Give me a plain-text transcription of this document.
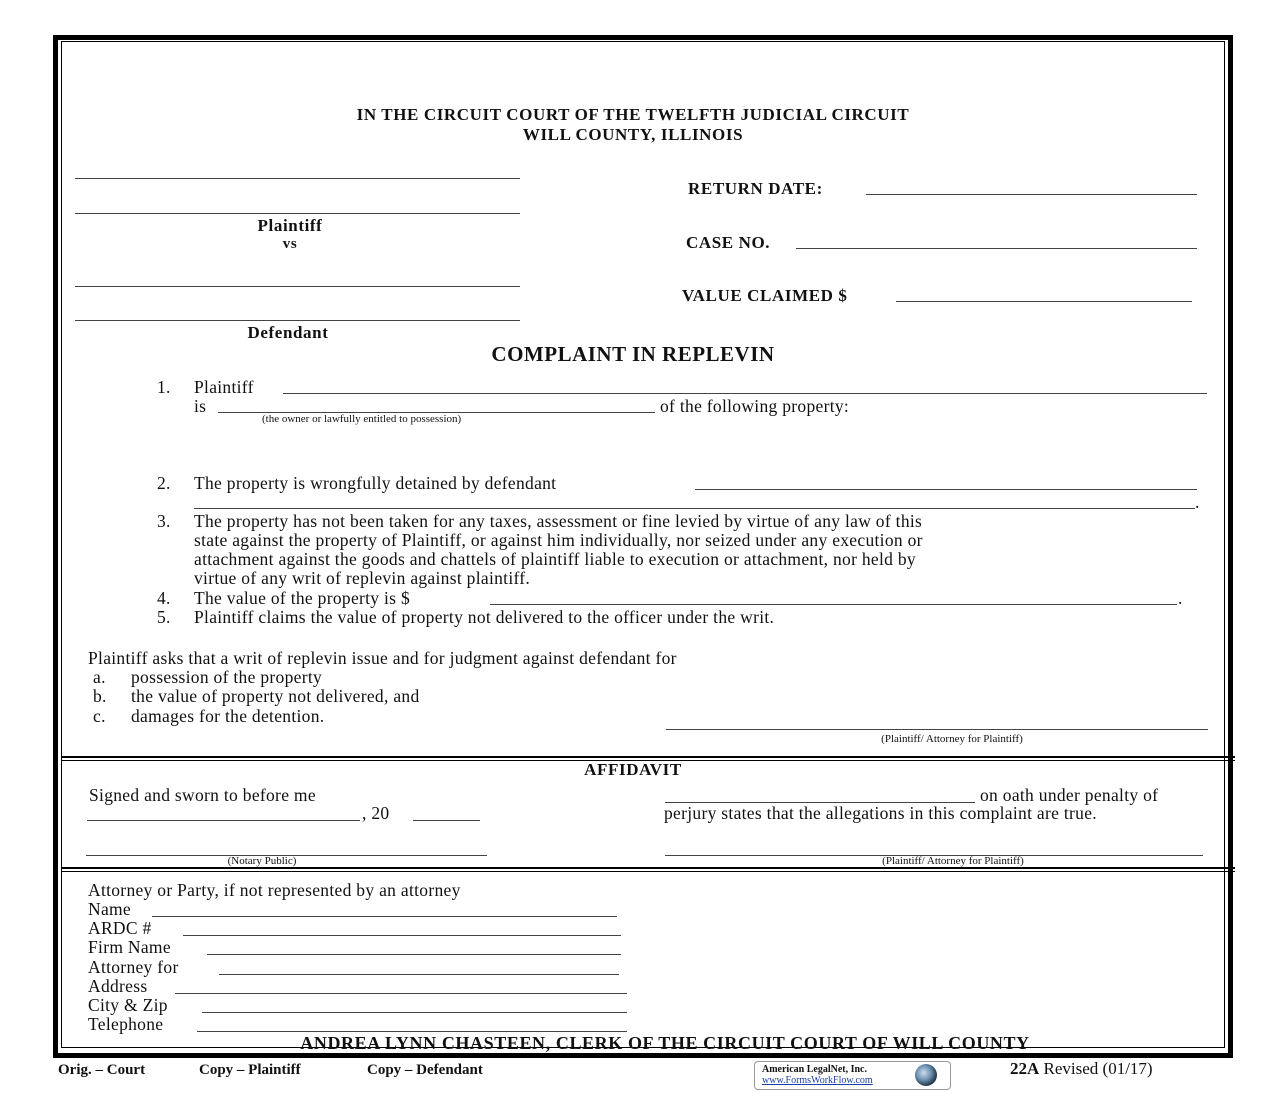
IN THE CIRCUIT COURT OF THE TWELFTH JUDICIAL CIRCUIT
WILL COUNTY, ILLINOIS
Plaintiff
vs
Defendant
RETURN DATE:
CASE NO.
VALUE CLAIMED $
COMPLAINT IN REPLEVIN
1. Plaintiff
is	of the following property:
(the owner or lawfully entitled to possession)
2. The property is wrongfully detained by defendant
.
3. The property has not been taken for any taxes, assessment or fine levied by virtue of any law of this
state against the property of Plaintiff, or against him individually, nor seized under any execution or
attachment against the goods and chattels of plaintiff liable to execution or attachment, nor held by
virtue of any writ of replevin against plaintiff.
4. The value of the property is $	.
5. Plaintiff claims the value of property not delivered to the officer under the writ.
Plaintiff asks that a writ of replevin issue and for judgment against defendant for
a. possession of the property
b. the value of property not delivered, and
c. damages for the detention.
(Plaintiff/ Attorney for Plaintiff)
AFFIDAVIT
Signed and sworn to before me
, 20
on oath under penalty of
perjury states that the allegations in this complaint are true.
(Notary Public)	(Plaintiff/ Attorney for Plaintiff)
Attorney or Party, if not represented by an attorney
Name
ARDC #
Firm Name
Attorney for
Address
City & Zip
Telephone
ANDREA LYNN CHASTEEN, CLERK OF THE CIRCUIT COURT OF WILL COUNTY
Orig. – Court	Copy – Plaintiff	Copy – Defendant	American LegalNet, Inc.
www.FormsWorkFlow.com
22A Revised (01/17)
